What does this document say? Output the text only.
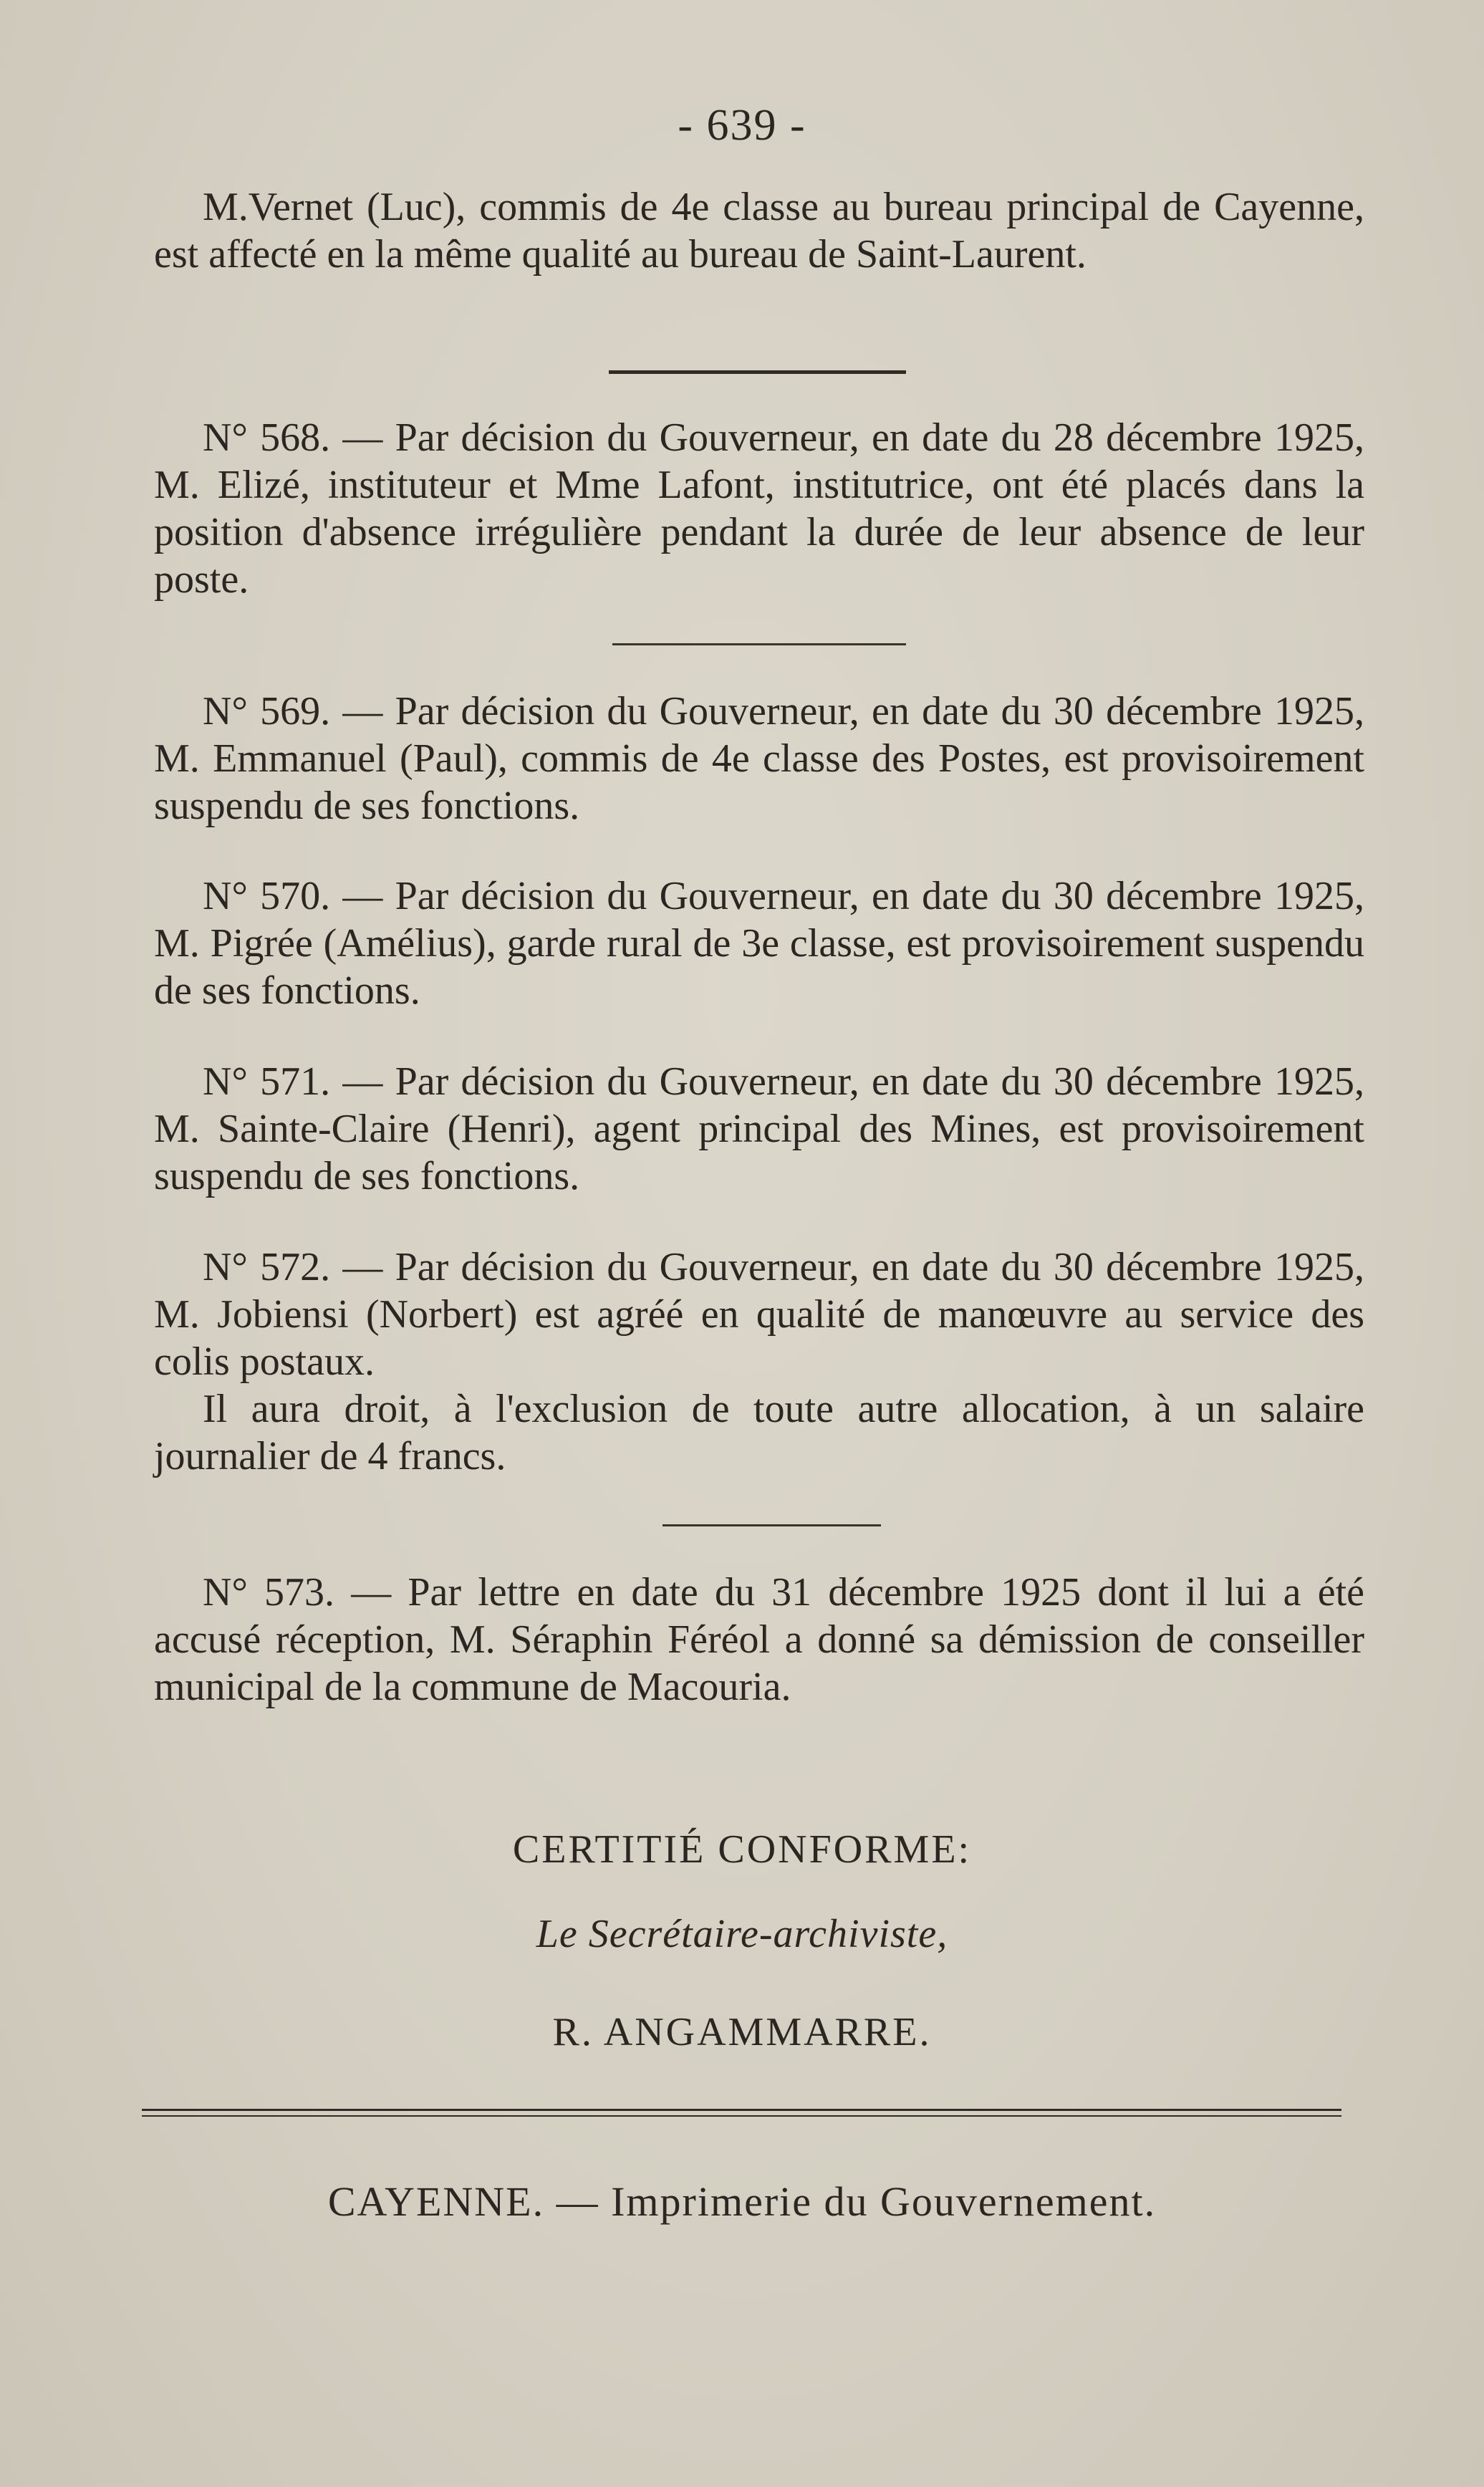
- 639 -

M.Vernet (Luc), commis de 4e classe au bureau principal de Cayenne, est affecté en la même qualité au bureau de Saint-Laurent.

N° 568. — Par décision du Gouverneur, en date du 28 décembre 1925, M. Elizé, instituteur et Mme Lafont, institutrice, ont été placés dans la position d'absence irrégulière pendant la durée de leur absence de leur poste.

N° 569. — Par décision du Gouverneur, en date du 30 décembre 1925, M. Emmanuel (Paul), commis de 4e classe des Postes, est provisoirement suspendu de ses fonctions.

N° 570. — Par décision du Gouverneur, en date du 30 décembre 1925, M. Pigrée (Amélius), garde rural de 3e classe, est provisoirement suspendu de ses fonctions.

N° 571. — Par décision du Gouverneur, en date du 30 décembre 1925, M. Sainte-Claire (Henri), agent principal des Mines, est provisoirement suspendu de ses fonctions.

N° 572. — Par décision du Gouverneur, en date du 30 décembre 1925, M. Jobiensi (Norbert) est agréé en qualité de manœuvre au service des colis postaux.

Il aura droit, à l'exclusion de toute autre allocation, à un salaire journalier de 4 francs.

N° 573. — Par lettre en date du 31 décembre 1925 dont il lui a été accusé réception, M. Séraphin Féréol a donné sa démission de conseiller municipal de la commune de Macouria.

CERTITIÉ CONFORME:
Le Secrétaire-archiviste,
R. ANGAMMARRE.
CAYENNE. — Imprimerie du Gouvernement.
